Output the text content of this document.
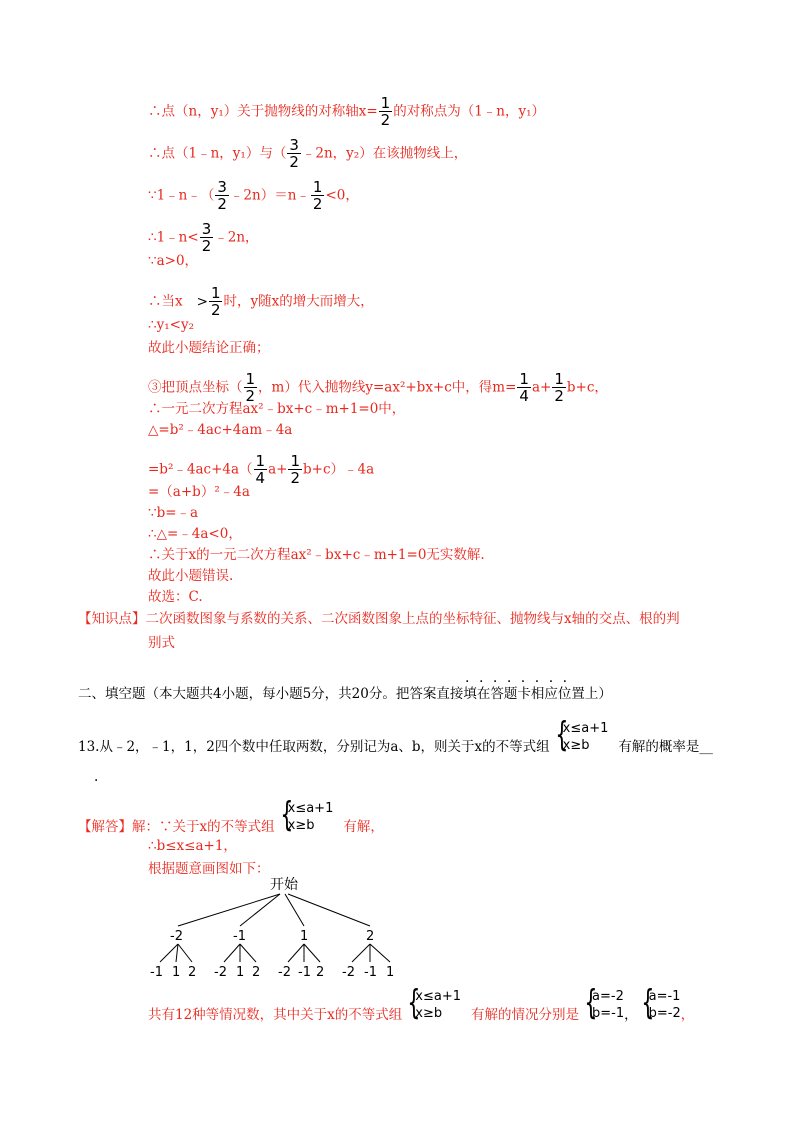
∴点（n，y₁）关于抛物线的对称轴$x= \frac{1}{2}$ 的对称点为（1﹣n，y₁）
∴点（1﹣n，y₁）与（ $\frac{3}{2}$ ﹣2n，y₂）在该抛物线上，
∵1﹣n﹣（ $\frac{3}{2}$ ﹣2n）＝n﹣ $\frac{1}{2} <0$，
∴1﹣n< $\frac{3}{2}$ ﹣2n，
∵a>0，
∴当$x > \frac{1}{2}$ 时，y随x的增大而增大，
∴y₁<y₂
故此小题结论正确；
③把顶点坐标（ $\frac{1}{2}$ ，m）代入抛物线y=ax²+bx+c中，得$m= \frac{1}{4} a+ \frac{1}{2} b+c$，
∴一元二次方程ax²﹣bx+c﹣m+1=0中，
△=b²﹣4ac+4am﹣4a
=b²﹣4ac+4a（ $\frac{1}{4} a+ \frac{1}{2}$ b+c）﹣4a
=（a+b）²﹣4a
∵b=﹣a
∴△=﹣4a<0，
∴关于x的一元二次方程ax²﹣bx+c﹣m+1=0无实数解.
故此小题错误.
故选：C.
【知识点】二次函数图象与系数的关系、二次函数图象上点的坐标特征、抛物线与x轴的交点、根的判
别式
........
二、填空题（本大题共4小题，每小题5分，共20分。把答案直接填在答题卡相应位置上）
13.从﹣2，﹣1，1，2四个数中任取两数，分别记为a、b，则关于x的不等式组
{ x≤a+1
x≥b	有解的概率是__
.
【解答】解：∵关于x的不等式组
{ x≤a+1
x≥b	有解，
∴b≤x≤a+1，
根据题意画图如下：
开始
-2	-1	1	2
-1 1 2 -2 1 2 -2 -1 2 -2 -1 1
共有12种等情况数，其中关于x的不等式组
{ x≤a+1
x≥b	有解的情况分别是
{ a=-2
b=-1 ，
{ a=-1
b=-2 ，
